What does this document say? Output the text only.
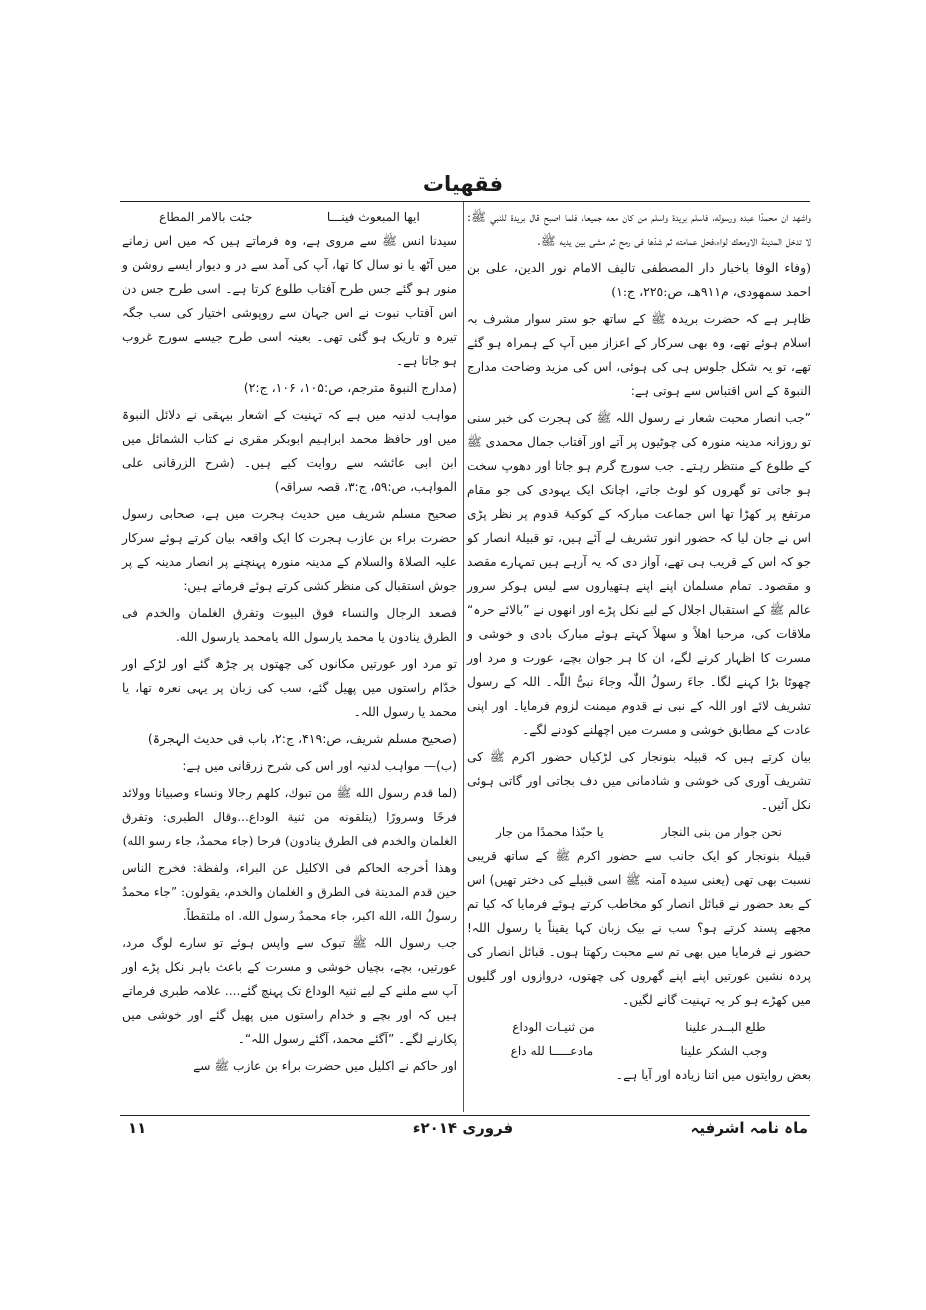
فقهيات

واشهد ان محمدًا عبده ورسوله، فاسلم بريدة واسلم من كان معه جميعا، فلما اصبح قال بريدة للنبي ﷺ: لا تدخل المدينة الاومعك لواء،فحل عمامته ثم شدّها فى رمح ثم مشى بين يديه ﷺ.

(وفاء الوفا باخبار دار المصطفى تاليف الامام نور الدين، على بن احمد سمهودى، م٩١١هـ، ص:٢٢٥، ج:١)

ظاہر ہے کہ حضرت بریدہ ﷺ کے ساتھ جو ستر سوار مشرف بہ اسلام ہوئے تھے، وہ بھی سرکار کے اعزاز میں آپ کے ہمراہ ہو گئے تھے، تو یہ شکل جلوس ہی کی ہوئی، اس کی مزید وضاحت مدارج النبوۃ کے اس اقتباس سے ہوتی ہے:

”جب انصار محبت شعار نے رسول اللہ ﷺ کی ہجرت کی خبر سنی تو روزانہ مدینہ منورہ کی چوٹیوں پر آتے اور آفتاب جمال محمدی ﷺ کے طلوع کے منتظر رہتے۔ جب سورج گرم ہو جاتا اور دھوپ سخت ہو جاتی تو گھروں کو لوٹ جاتے، اچانک ایک یہودی کی جو مقام مرتفع پر کھڑا تھا اس جماعت مبارکہ کے کوکبۂ قدوم پر نظر پڑی اس نے جان لیا کہ حضور انور تشریف لے آئے ہیں، تو قبیلۂ انصار کو جو کہ اس کے قریب ہی تھے، آواز دی کہ یہ آرہے ہیں تمہارے مقصد و مقصود۔ تمام مسلمان اپنے اپنے ہتھیاروں سے لیس ہوکر سرور عالم ﷺ کے استقبال اجلال کے لیے نکل پڑے اور انھوں نے ”بالائے حرہ“ ملاقات کی، مرحبا اھلاً و سھلاً کہتے ہوئے مبارک بادی و خوشی و مسرت کا اظہار کرنے لگے، ان کا ہر جوان بچے، عورت و مرد اور چھوٹا بڑا کہنے لگا۔ جاءَ رسولُ اللّٰہ وجاءَ نبیُّ اللّٰہ۔ اللہ کے رسول تشریف لائے اور اللہ کے نبی نے قدوم میمنت لزوم فرمایا۔ اور اپنی عادت کے مطابق خوشی و مسرت میں اچھلنے کودنے لگے۔

بیان کرتے ہیں کہ قبیلہ بنونجار کی لڑکیاں حضور اکرم ﷺ کی تشریف آوری کی خوشی و شادمانی میں دف بجاتی اور گاتی ہوئی نکل آئیں۔

نحن جوار من بنى النجار
يا حبّذا محمدًا من جار

قبیلۂ بنونجار کو ایک جانب سے حضور اکرم ﷺ کے ساتھ قریبی نسبت بھی تھی (یعنی سیدہ آمنہ ﷺ اسی قبیلے کی دختر تھیں) اس کے بعد حضور نے قبائل انصار کو مخاطب کرتے ہوئے فرمایا کہ کیا تم مجھے پسند کرتے ہو؟ سب نے بیک زبان کہا یقیناً یا رسول اللہ! حضور نے فرمایا میں بھی تم سے محبت رکھتا ہوں۔ قبائل انصار کی پردہ نشین عورتیں اپنے اپنے گھروں کی چھتوں، دروازوں اور گلیوں میں کھڑے ہو کر یہ تہنیت گانے لگیں۔

طلع البــدر علينا
من ثنيـات الوداع
وجب الشكر علينا
مادعـــــا لله داع

بعض روایتوں میں اتنا زیادہ اور آیا ہے۔

ايها المبعوث فينـــا
جئت بالامر المطاع

سیدنا انس ﷺ سے مروی ہے، وہ فرماتے ہیں کہ میں اس زمانے میں آٹھ یا نو سال کا تھا، آپ کی آمد سے در و دیوار ایسے روشن و منور ہو گئے جس طرح آفتاب طلوع کرتا ہے۔ اسی طرح جس دن اس آفتاب نبوت نے اس جہان سے روپوشی اختیار کی سب جگہ تیرہ و تاریک ہو گئی تھی۔ بعینہ اسی طرح جیسے سورج غروب ہو جاتا ہے۔

(مدارج النبوۃ مترجم، ص:۱۰۵، ۱۰۶، ج:۲)

مواہب لدنیہ میں ہے کہ تہنیت کے اشعار بیہقی نے دلائل النبوۃ میں اور حافظ محمد ابراہیم ابوبکر مقری نے کتاب الشمائل میں ابن ابی عائشہ سے روایت کیے ہیں۔ (شرح الزرقانی علی المواہب، ص:۵۹، ج:۳، قصہ سراقہ)

صحیح مسلم شریف میں حدیث ہجرت میں ہے، صحابی رسول حضرت براء بن عازب ہجرت کا ایک واقعہ بیان کرتے ہوئے سرکار علیہ الصلاۃ والسلام کے مدینہ منورہ پہنچنے پر انصار مدینہ کے پر جوش استقبال کی منظر کشی کرتے ہوئے فرماتے ہیں:

فصعد الرجال والنساء فوق البيوت وتفرق الغلمان والخدم فى الطرق ينادون يا محمد يارسول الله يامحمد يارسول الله.

تو مرد اور عورتیں مکانوں کی چھتوں پر چڑھ گئے اور لڑکے اور خدّام راستوں میں پھیل گئے، سب کی زبان پر یہی نعرہ تھا، یا محمد یا رسول اللہ۔

(صحیح مسلم شریف، ص:۴۱۹، ج:۲، باب فی حدیث الہجرۃ)

(ب)— مواہب لدنیہ اور اس کی شرح زرقانی میں ہے:

(لما قدم رسول الله ﷺ من تبوك، كلهم رجالا ونساء وصبيانا وولائد فرحًا وسرورًا (يتلقونه من ثنية الوداع...وقال الطبرى: وتفرق الغلمان والخدم فى الطرق ينادون) فرحا (جاء محمدٌ، جاء رسو الله)

وهذا أخرجه الحاكم فى الاكليل عن البراء، ولفظة: فخرج الناس حين قدم المدينة فى الطرق و الغلمان والخدم، يقولون: ”جاء محمدٌ رسولُ الله، الله اكبر، جاء محمدٌ رسول الله. اه ملتقطاً.

جب رسول اللہ ﷺ تبوک سے واپس ہوئے تو سارے لوگ مرد، عورتیں، بچے، بچیاں خوشی و مسرت کے باعث باہر نکل پڑے اور آپ سے ملنے کے لیے ثنیۃ الوداع تک پہنچ گئے.... علامہ طبری فرماتے ہیں کہ اور بچے و خدام راستوں میں پھیل گئے اور خوشی میں پکارنے لگے۔ ”آگئے محمد، آگئے رسول اللہ“۔

اور حاکم نے اکلیل میں حضرت براء بن عازب ﷺ سے

ماہ نامہ اشرفیہ
فروری ۲۰۱۴ء
۱۱
